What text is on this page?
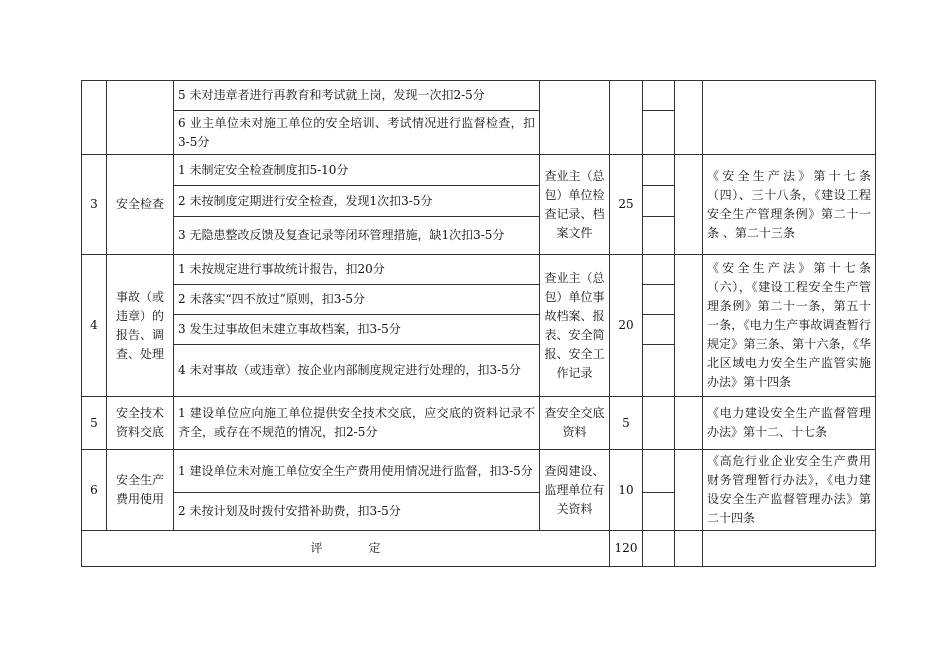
		5 未对违章者进行再教育和考试就上岗，发现一次扣2-5分					
		6 业主单位未对施工单位的安全培训、考试情况进行监督检查，扣3-5分					
3	安全检查	1 未制定安全检查制度扣5-10分	查业主（总包）单位检查记录、档案文件	25			《安全生产法》第十七条（四）、三十八条，《建设工程安全生产管理条例》第二十一条 、第二十三条
		2 未按制度定期进行安全检查，发现1次扣3-5分					
		3 无隐患整改反馈及复查记录等闭环管理措施，缺1次扣3-5分					
4	事故（或违章）的报告、调查、处理	1 未按规定进行事故统计报告，扣20分	查业主（总包）单位事故档案、报表、安全简报、安全工作记录	20			《安全生产法》第十七条（六），《建设工程安全生产管理条例》第二十一条，第五十一条，《电力生产事故调查暂行规定》第三条、第十六条，《华北区域电力安全生产监管实施办法》第十四条
		2 未落实“四不放过”原则，扣3-5分					
		3 发生过事故但未建立事故档案，扣3-5分					
		4 未对事故（或违章）按企业内部制度规定进行处理的，扣3-5分					
5	安全技术资料交底	1 建设单位应向施工单位提供安全技术交底，应交底的资料记录不齐全，或存在不规范的情况，扣2-5分	查安全交底资料	5			《电力建设安全生产监督管理办法》第十二、十七条
6	安全生产费用使用	1 建设单位未对施工单位安全生产费用使用情况进行监督，扣3-5分	查阅建设、监理单位有关资料	10			《高危行业企业安全生产费用财务管理暂行办法》，《电力建设安全生产监督管理办法》第二十四条
		2 未按计划及时拨付安措补助费，扣3-5分					
评 定				120			
